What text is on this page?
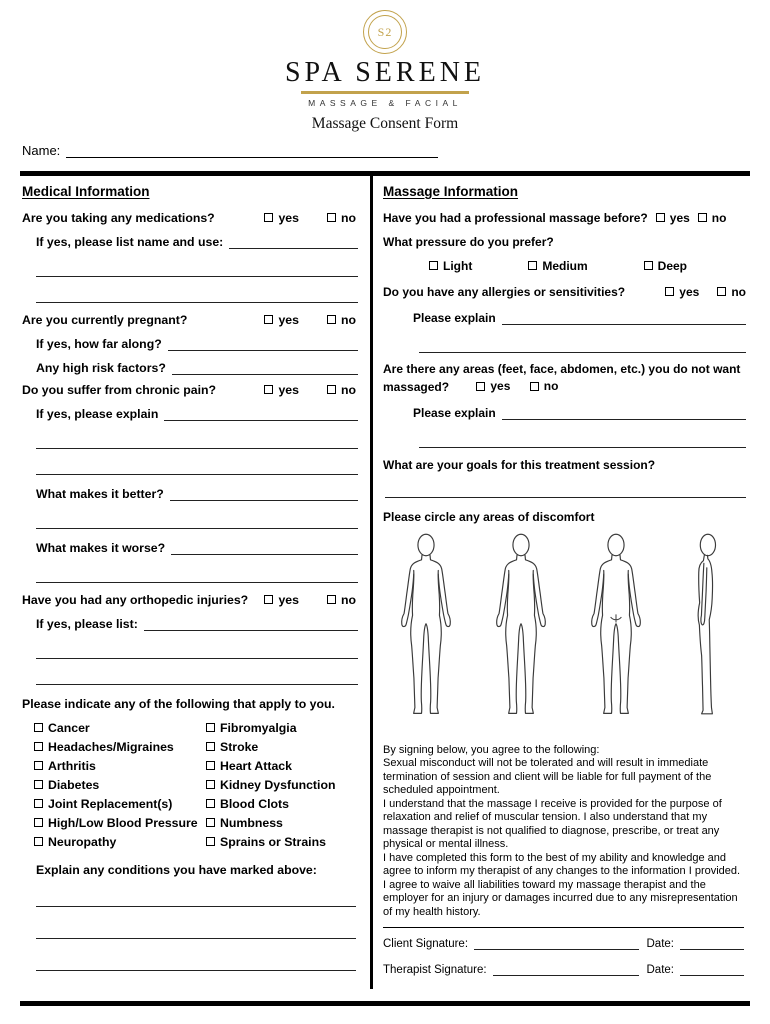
S2
SPA SERENE
MASSAGE & FACIAL
Massage Consent Form
Name:
Medical Information
Are you taking any medications?	yes	no
If yes, please list name and use:
Are you currently pregnant?	yes	no
If yes, how far along?
Any high risk factors?
Do you suffer from chronic pain?	yes	no
If yes, please explain
What makes it better?
What makes it worse?
Have you had any orthopedic injuries? yes	no
If yes, please list:

Please indicate any of the following that apply to you.

Cancer	Fibromyalgia
Headaches/Migraines	Stroke
Arthritis	Heart Attack
Diabetes	Kidney Dysfunction
Joint Replacement(s)	Blood Clots
High/Low Blood Pressure Numbness
Neuropathy	Sprains or Strains

Explain any conditions you have marked above:

Massage Information
Have you had a professional massage before? yes no
What pressure do you prefer?
Light	Medium	Deep
Do you have any allergies or sensitivities?	yes	no
Please explain

Are there any areas (feet, face, abdomen, etc.) you do not want massaged?	yes
	no

Please explain
What are your goals for this treatment session?
Please circle any areas of discomfort

By signing below, you agree to the following:

Sexual misconduct will not be tolerated and will result in immediate termination of session and client will be liable for full payment of the scheduled appointment.

I understand that the massage I receive is provided for the purpose of relaxation and relief of muscular tension. I also understand that my massage therapist is not qualified to diagnose, prescribe, or treat any physical or mental illness.

I have completed this form to the best of my ability and knowledge and agree to inform my therapist of any changes to the information I provided. I agree to waive all liabilities toward my massage therapist and the employer for an injury or damages incurred due to any misrepresentation of my health history.

Client Signature:	Date:
Therapist Signature:	Date:
